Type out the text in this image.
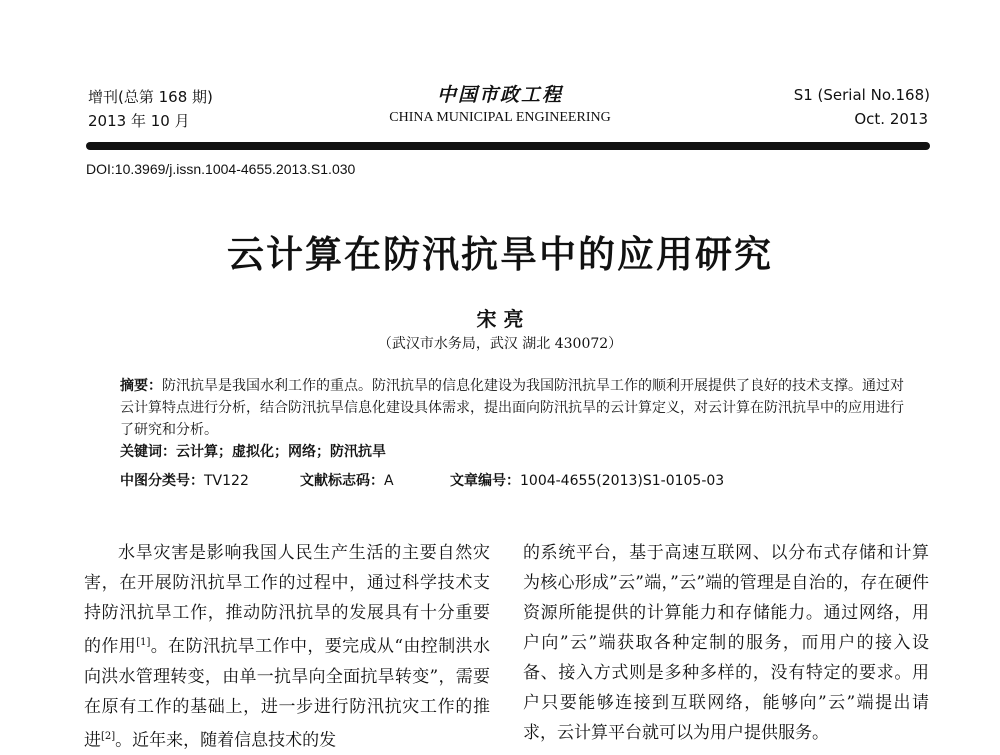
增刊(总第 168 期)
2013 年 10 月
中国市政工程
CHINA MUNICIPAL ENGINEERING
S1 (Serial No.168)
Oct. 2013
DOI:10.3969/j.issn.1004-4655.2013.S1.030
云计算在防汛抗旱中的应用研究
宋 亮
（武汉市水务局，武汉 湖北 430072）
摘要：防汛抗旱是我国水利工作的重点。防汛抗旱的信息化建设为我国防汛抗旱工作的顺利开展提供了良好的技术支撑。通过对云计算特点进行分析，结合防汛抗旱信息化建设具体需求，提出面向防汛抗旱的云计算定义，对云计算在防汛抗旱中的应用进行了研究和分析。
关键词：云计算；虚拟化；网络；防汛抗旱
中图分类号：TV122	文献标志码：A	文章编号：1004-4655(2013)S1-0105-03

水旱灾害是影响我国人民生产生活的主要自然灾害，在开展防汛抗旱工作的过程中，通过科学技术支持防汛抗旱工作，推动防汛抗旱的发展具有十分重要的作用[1]。在防汛抗旱工作中，要完成从“由控制洪水向洪水管理转变，由单一抗旱向全面抗旱转变”，需要在原有工作的基础上，进一步进行防汛抗灾工作的推进[2]。近年来，随着信息技术的发

的系统平台，基于高速互联网、以分布式存储和计算为核心形成”云”端，”云”端的管理是自治的，存在硬件资源所能提供的计算能力和存储能力。通过网络，用户向”云”端获取各种定制的服务，而用户的接入设备、接入方式则是多种多样的，没有特定的要求。用户只要能够连接到互联网络，能够向”云”端提出请求，云计算平台就可以为用户提供服务。
